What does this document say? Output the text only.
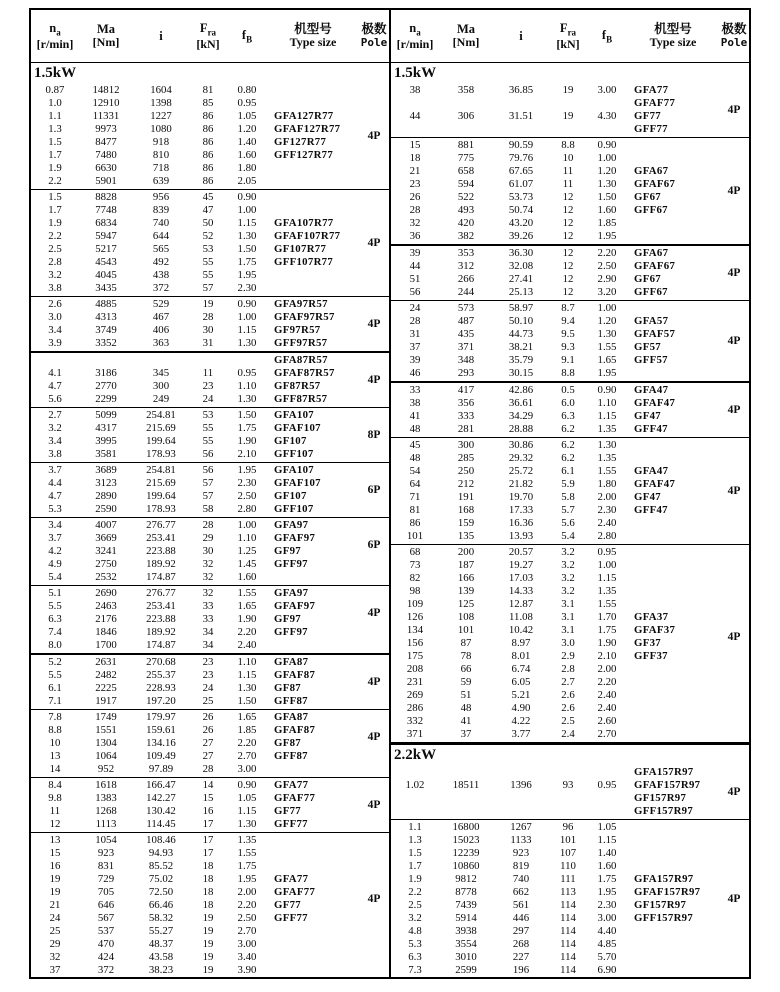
$n_a$
[r/min]
Ma
[Nm]	i
$F_{ra}$
[kN]
$f_B$
机型号
Type size
极数
Pole
1.5kW
0.87	14812	1604	81	0.80
1.0	12910	1398	85	0.95
1.1	11331	1227	86	1.05	GFA127R77
1.3	9973	1080	86	1.20	GFAF127R77
1.5	8477	918	86	1.40	GF127R77
1.7	7480	810	86	1.60	GFF127R77
1.9	6630	718	86	1.80
2.2	5901	639	86	2.05
4P
1.5	8828	956	45	0.90
1.7	7748	839	47	1.00
1.9	6834	740	50	1.15	GFA107R77
2.2	5947	644	52	1.30	GFAF107R77
2.5	5217	565	53	1.50	GF107R77
2.8	4543	492	55	1.75	GFF107R77
3.2	4045	438	55	1.95
3.8	3435	372	57	2.30
4P
2.6	4885	529	19	0.90	GFA97R57
3.0	4313	467	28	1.00	GFAF97R57
3.4	3749	406	30	1.15	GF97R57
3.9	3352	363	31	1.30	GFF97R57
4P
GFA87R57
4.1	3186	345	11	0.95	GFAF87R57
4.7	2770	300	23	1.10	GF87R57
5.6	2299	249	24	1.30	GFF87R57
4P
2.7	5099	254.81	53	1.50	GFA107
3.2	4317	215.69	55	1.75	GFAF107
3.4	3995	199.64	55	1.90	GF107
3.8	3581	178.93	56	2.10	GFF107
8P
3.7	3689	254.81	56	1.95	GFA107
4.4	3123	215.69	57	2.30	GFAF107
4.7	2890	199.64	57	2.50	GF107
5.3	2590	178.93	58	2.80	GFF107
6P
3.4	4007	276.77	28	1.00	GFA97
3.7	3669	253.41	29	1.10	GFAF97
4.2	3241	223.88	30	1.25	GF97
4.9	2750	189.92	32	1.45	GFF97
5.4	2532	174.87	32	1.60
6P
5.1	2690	276.77	32	1.55	GFA97
5.5	2463	253.41	33	1.65	GFAF97
6.3	2176	223.88	33	1.90	GF97
7.4	1846	189.92	34	2.20	GFF97
8.0	1700	174.87	34	2.40
4P
5.2	2631	270.68	23	1.10	GFA87
5.5	2482	255.37	23	1.15	GFAF87
6.1	2225	228.93	24	1.30	GF87
7.1	1917	197.20	25	1.50	GFF87
4P
7.8	1749	179.97	26	1.65	GFA87
8.8	1551	159.61	26	1.85	GFAF87
10	1304	134.16	27	2.20	GF87
13	1064	109.49	27	2.70	GFF87
14	952	97.89	28	3.00
4P
8.4	1618	166.47	14	0.90	GFA77
9.8	1383	142.27	15	1.05	GFAF77
11	1268	130.42	16	1.15	GF77
12	1113	114.45	17	1.30	GFF77
4P
13	1054	108.46	17	1.35
15	923	94.93	17	1.55
16	831	85.52	18	1.75
19	729	75.02	18	1.95	GFA77
19	705	72.50	18	2.00	GFAF77
21	646	66.46	18	2.20	GF77
24	567	58.32	19	2.50	GFF77
25	537	55.27	19	2.70
29	470	48.37	19	3.00
32	424	43.58	19	3.40
37	372	38.23	19	3.90
4P
$n_a$
[r/min]
Ma
[Nm]	i
$F_{ra}$
[kN]
$f_B$
机型号
Type size
极数
Pole
1.5kW
38	358	36.85	19	3.00	GFA77
GFAF77
44	306	31.51	19	4.30	GF77
GFF77
4P
15	881	90.59	8.8	0.90
18	775	79.76	10	1.00
21	658	67.65	11	1.20	GFA67
23	594	61.07	11	1.30	GFAF67
26	522	53.73	12	1.50	GF67
28	493	50.74	12	1.60	GFF67
32	420	43.20	12	1.85
36	382	39.26	12	1.95
4P
39	353	36.30	12	2.20	GFA67
44	312	32.08	12	2.50	GFAF67
51	266	27.41	12	2.90	GF67
56	244	25.13	12	3.20	GFF67
4P
24	573	58.97	8.7	1.00
28	487	50.10	9.4	1.20	GFA57
31	435	44.73	9.5	1.30	GFAF57
37	371	38.21	9.3	1.55	GF57
39	348	35.79	9.1	1.65	GFF57
46	293	30.15	8.8	1.95
4P
33	417	42.86	0.5	0.90	GFA47
38	356	36.61	6.0	1.10	GFAF47
41	333	34.29	6.3	1.15	GF47
48	281	28.88	6.2	1.35	GFF47
4P
45	300	30.86	6.2	1.30
48	285	29.32	6.2	1.35
54	250	25.72	6.1	1.55	GFA47
64	212	21.82	5.9	1.80	GFAF47
71	191	19.70	5.8	2.00	GF47
81	168	17.33	5.7	2.30	GFF47
86	159	16.36	5.6	2.40
101	135	13.93	5.4	2.80
4P
68	200	20.57	3.2	0.95
73	187	19.27	3.2	1.00
82	166	17.03	3.2	1.15
98	139	14.33	3.2	1.35
109	125	12.87	3.1	1.55
126	108	11.08	3.1	1.70	GFA37
134	101	10.42	3.1	1.75	GFAF37
156	87	8.97	3.0	1.90	GF37
175	78	8.01	2.9	2.10	GFF37
208	66	6.74	2.8	2.00
231	59	6.05	2.7	2.20
269	51	5.21	2.6	2.40
286	48	4.90	2.6	2.40
332	41	4.22	2.5	2.60
371	37	3.77	2.4	2.70
4P
2.2kW
GFA157R97
1.02	18511	1396	93	0.95	GFAF157R97
GF157R97
GFF157R97
4P
1.1	16800	1267	96	1.05
1.3	15023	1133	101	1.15
1.5	12239	923	107	1.40
1.7	10860	819	110	1.60
1.9	9812	740	111	1.75	GFA157R97
2.2	8778	662	113	1.95	GFAF157R97
2.5	7439	561	114	2.30	GF157R97
3.2	5914	446	114	3.00	GFF157R97
4.8	3938	297	114	4.40
5.3	3554	268	114	4.85
6.3	3010	227	114	5.70
7.3	2599	196	114	6.90
4P
